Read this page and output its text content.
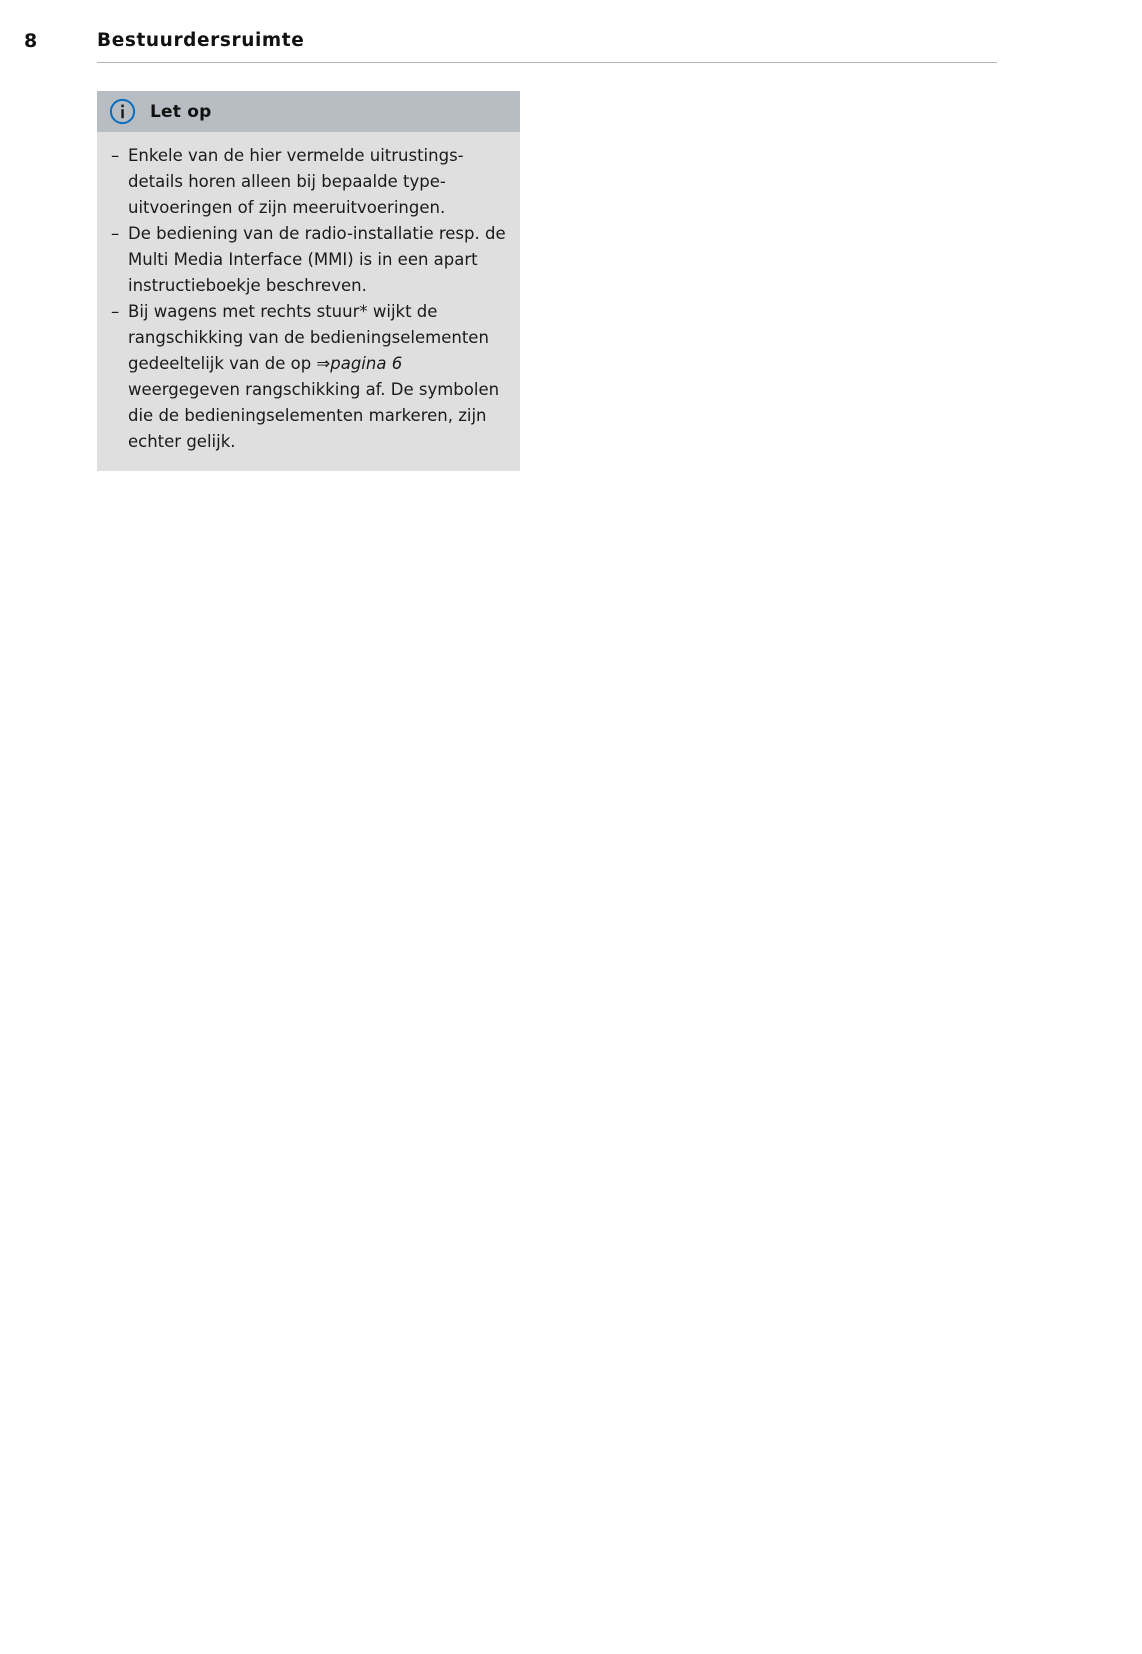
8	Bestuurdersruimte
Let op
– Enkele van de hier vermelde uitrustings-details horen alleen bij bepaalde type-uitvoeringen of zijn meeruitvoeringen.
– De bediening van de radio-installatie resp. de Multi Media Interface (MMI) is in een apart instructieboekje beschreven.
– Bij wagens met rechts stuur* wijkt de rangschikking van de bedieningselementen gedeeltelijk van de op ⇒pagina 6 weergegeven rangschikking af. De symbolen die de bedieningselementen markeren, zijn echter gelijk.
